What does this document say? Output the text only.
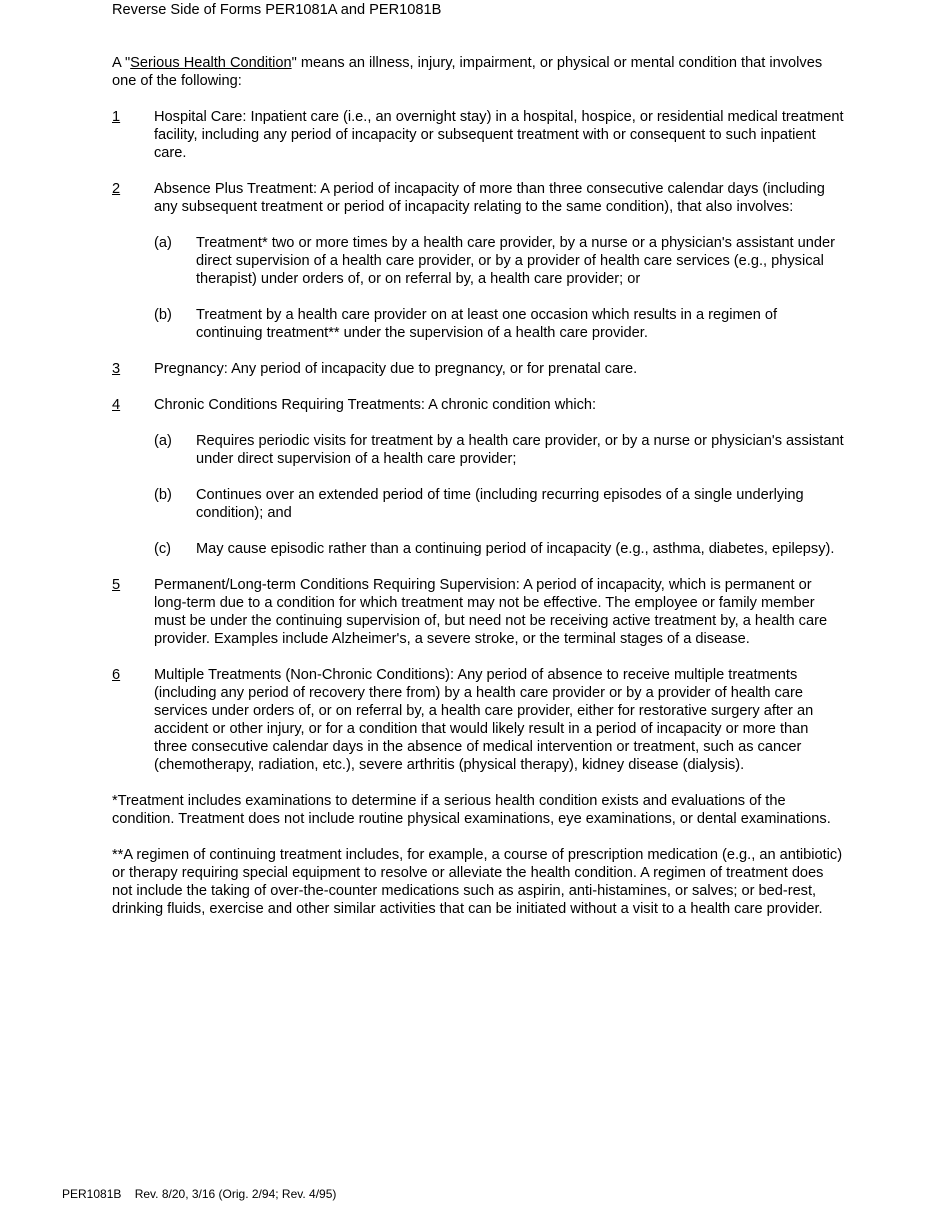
Reverse Side of Forms PER1081A and PER1081B

A "Serious Health Condition" means an illness, injury, impairment, or physical or mental condition that involves one of the following:

1	Hospital Care: Inpatient care (i.e., an overnight stay) in a hospital, hospice, or residential medical treatment facility, including any period of incapacity or subsequent treatment with or consequent to such inpatient care.

2	Absence Plus Treatment: A period of incapacity of more than three consecutive calendar days (including any subsequent treatment or period of incapacity relating to the same condition), that also involves:

(a)	Treatment* two or more times by a health care provider, by a nurse or a physician's assistant under direct supervision of a health care provider, or by a provider of health care services (e.g., physical therapist) under orders of, or on referral by, a health care provider; or
(b)	Treatment by a health care provider on at least one occasion which results in a regimen of continuing treatment** under the supervision of a health care provider.
3	Pregnancy: Any period of incapacity due to pregnancy, or for prenatal care.

4	Chronic Conditions Requiring Treatments: A chronic condition which:

(a)	Requires periodic visits for treatment by a health care provider, or by a nurse or physician's assistant under direct supervision of a health care provider;
(b)	Continues over an extended period of time (including recurring episodes of a single underlying condition); and
(c)	May cause episodic rather than a continuing period of incapacity (e.g., asthma, diabetes, epilepsy).
5	Permanent/Long-term Conditions Requiring Supervision: A period of incapacity, which is permanent or long-term due to a condition for which treatment may not be effective. The employee or family member must be under the continuing supervision of, but need not be receiving active treatment by, a health care provider. Examples include Alzheimer's, a severe stroke, or the terminal stages of a disease.

6	Multiple Treatments (Non-Chronic Conditions): Any period of absence to receive multiple treatments (including any period of recovery there from) by a health care provider or by a provider of health care services under orders of, or on referral by, a health care provider, either for restorative surgery after an accident or other injury, or for a condition that would likely result in a period of incapacity or more than three consecutive calendar days in the absence of medical intervention or treatment, such as cancer (chemotherapy, radiation, etc.), severe arthritis (physical therapy), kidney disease (dialysis).

*Treatment includes examinations to determine if a serious health condition exists and evaluations of the condition. Treatment does not include routine physical examinations, eye examinations, or dental examinations.

**A regimen of continuing treatment includes, for example, a course of prescription medication (e.g., an antibiotic) or therapy requiring special equipment to resolve or alleviate the health condition. A regimen of treatment does not include the taking of over-the-counter medications such as aspirin, anti-histamines, or salves; or bed-rest, drinking fluids, exercise and other similar activities that can be initiated without a visit to a health care provider.

PER1081B Rev. 8/20, 3/16 (Orig. 2/94; Rev. 4/95)
